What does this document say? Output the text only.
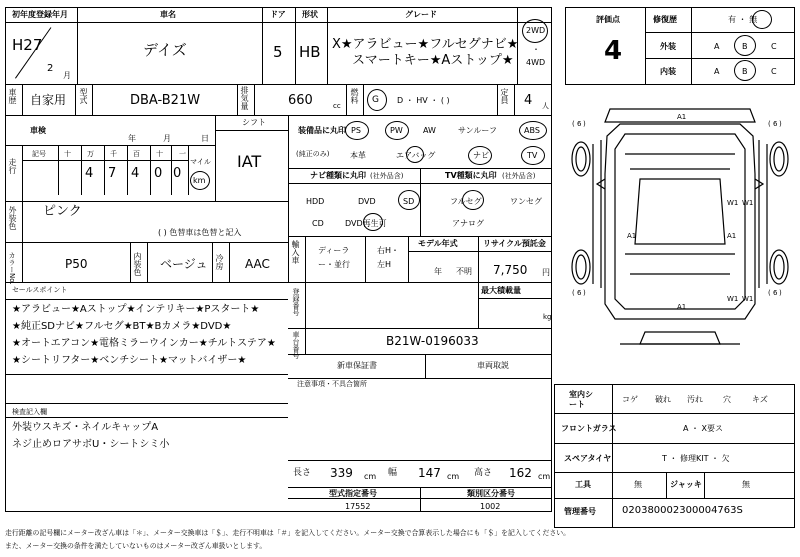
初年度登録年月
H27
2
月
車名
デイズ
ドア
5
形状
HB
グレード
X★アラビュー★フルセグナビ★
スマートキー★Aストップ★
2WD
・
4WD
車歴 自家用 型式	DBA-B21W	排気量	660	cc
燃料 G D ・ HV ・ ( )	定員 4 人
車検
年	月	日
シフト
IAT
走行
記号	十 万 千 百 十 一
マイル
4 7 4 0 0 km
装備品に丸印
(純正のみ)
PS	PW	AW	サンルーフ	ABS
本革	エアバッグ	ナビ	TV
ナビ種類に丸印 (社外品含)	TV種類に丸印 (社外品含)
HDD	DVD	SD
CD	DVD再生可
フルセグ	ワンセグ
アナログ
外装色 ピンク
( ) 色替車は色替と記入
輸入車 ディーラー・並行
右H・左H
モデル年式
年 不明
リサイクル預託金
7,750 円
カラーNo.	P50	内装色 ベージュ 冷房 AAC
セールスポイント
★アラビュー★Aストップ★インテリキー★Pスタート★
★純正SDナビ★フルセグ★BT★Bカメラ★DVD★
★オートエアコン★電格ミラーウインカー★チルトステア★
★シートリフター★ベンチシート★マットバイザー★
登録番号	最大積載量
kg
車台番号	B21W-0196033
新車保証書	車両取説
注意事項・不具合箇所
検査記入欄
外装ウスキズ・ネイルキャップA
ネジ止めロアサボU・シートシミ小
長さ 339 cm 幅 147 cm 高さ 162 cm
型式指定番号
17552
類別区分番号
1002
評価点
4
修復歴	有 ・ 無
外装	A	B	C
内装	A	B	C
( 6 )	( 6 )
( 6 )	( 6 )
A1
A1	A1
A1
W1 W1
W1 W1
室内シート
コゲ 破れ 汚れ	穴	キズ
フロントガラス	A ・ X要ス
スペアタイヤ	T ・ 修理KIT ・ 欠
工具	無	ジャッキ	無
管理番号	020380002300004763S
走行距離の記号欄にメーター改ざん車は「＊」、メーター交換車は「＄」、走行不明車は「＃」を記入してください。メーター交換で合算表示した場合にも「＄」を記入してください。
また、メーター交換の条件を満たしていないものはメーター改ざん車扱いとします。
